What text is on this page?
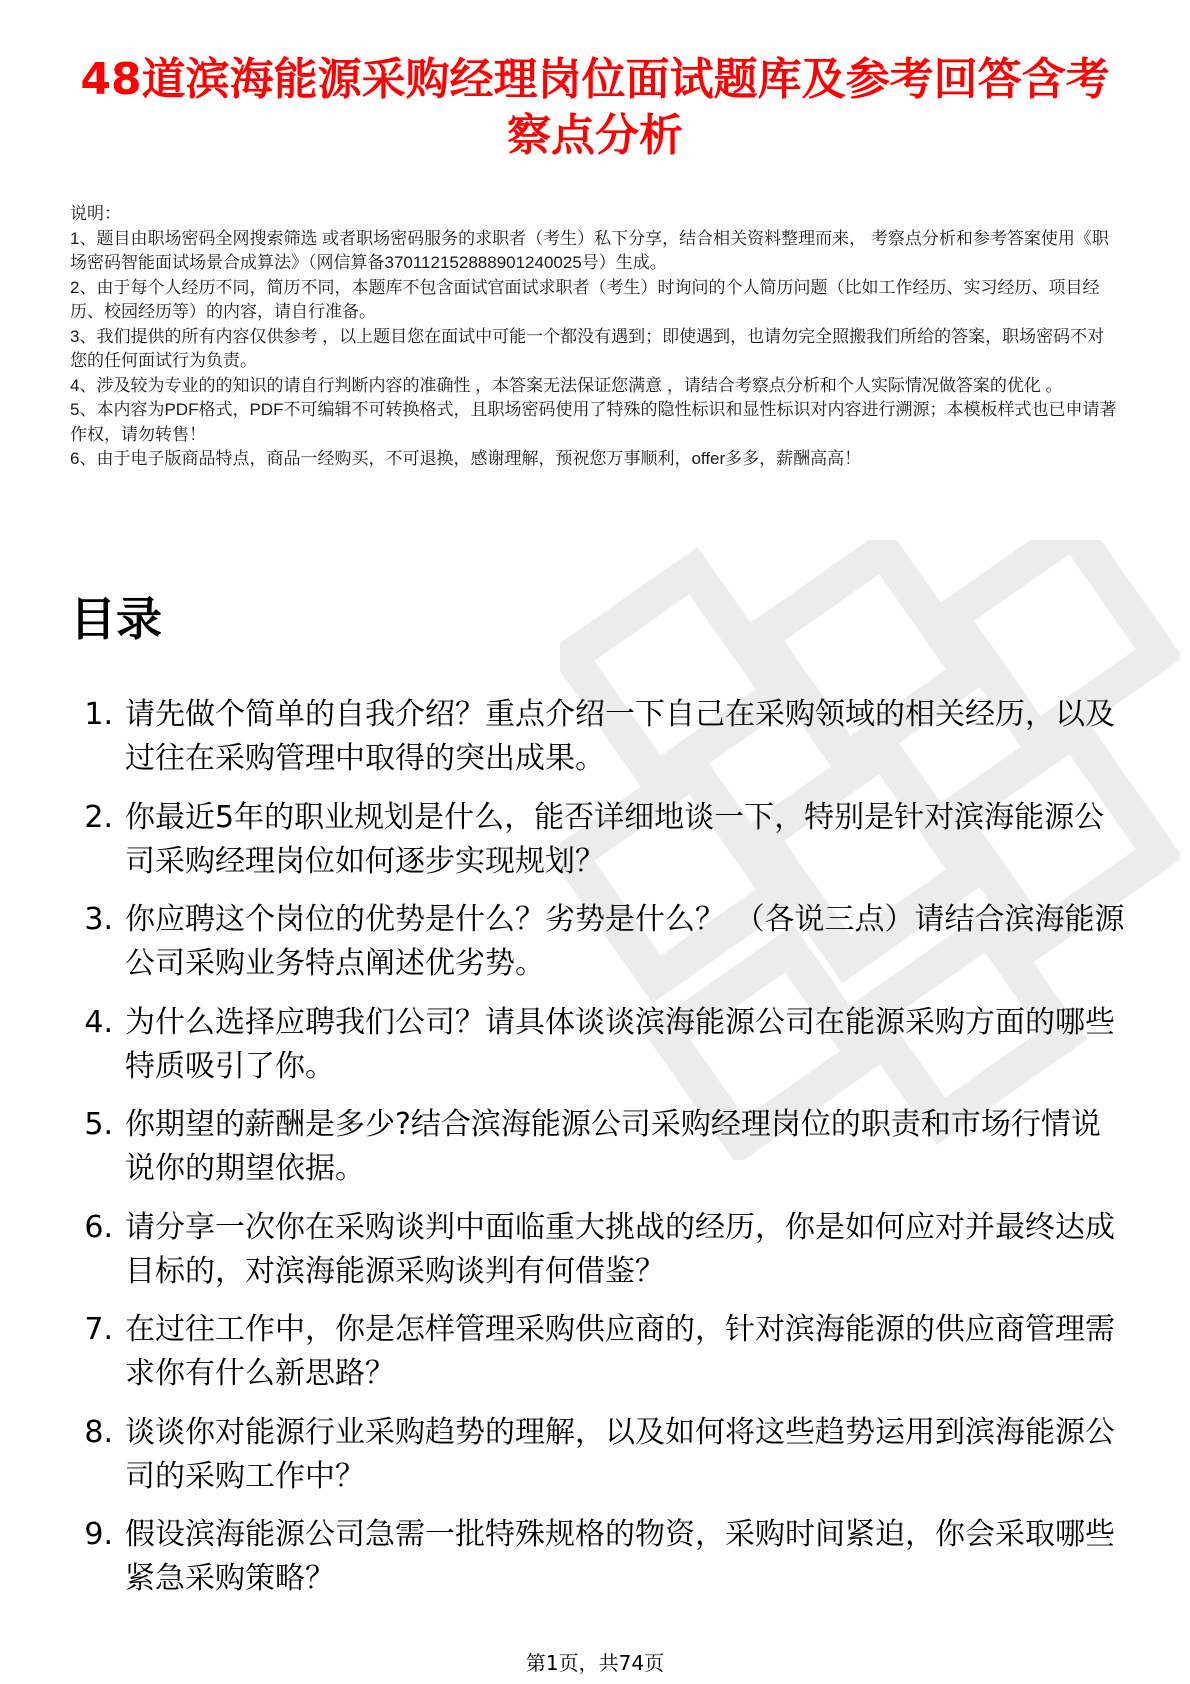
48道滨海能源采购经理岗位面试题库及参考回答含考察点分析
说明：
1、题目由职场密码全网搜索筛选 或者职场密码服务的求职者（考生）私下分享，结合相关资料整理而来， 考察点分析和参考答案使用《职场密码智能面试场景合成算法》（网信算备370112152888901240025号）生成。
2、由于每个人经历不同，简历不同，本题库不包含面试官面试求职者（考生）时询问的个人简历问题（比如工作经历、实习经历、项目经历、校园经历等）的内容，请自行准备。
3、我们提供的所有内容仅供参考 ，以上题目您在面试中可能一个都没有遇到；即使遇到，也请勿完全照搬我们所给的答案，职场密码不对您的任何面试行为负责。
4、涉及较为专业的的知识的请自行判断内容的准确性 ，本答案无法保证您满意 ，请结合考察点分析和个人实际情况做答案的优化 。
5、本内容为PDF格式，PDF不可编辑不可转换格式，且职场密码使用了特殊的隐性标识和显性标识对内容进行溯源；本模板样式也已申请著作权，请勿转售！
6、由于电子版商品特点，商品一经购买，不可退换，感谢理解，预祝您万事顺利，offer多多，薪酬高高！
目录
1. 请先做个简单的自我介绍？重点介绍一下自己在采购领域的相关经历，以及过往在采购管理中取得的突出成果。
2. 你最近5年的职业规划是什么，能否详细地谈一下，特别是针对滨海能源公司采购经理岗位如何逐步实现规划？
3. 你应聘这个岗位的优势是什么？劣势是什么？ （各说三点）请结合滨海能源公司采购业务特点阐述优劣势。
4. 为什么选择应聘我们公司？请具体谈谈滨海能源公司在能源采购方面的哪些特质吸引了你。
5. 你期望的薪酬是多少?结合滨海能源公司采购经理岗位的职责和市场行情说说你的期望依据。
6. 请分享一次你在采购谈判中面临重大挑战的经历，你是如何应对并最终达成目标的，对滨海能源采购谈判有何借鉴？
7. 在过往工作中，你是怎样管理采购供应商的，针对滨海能源的供应商管理需求你有什么新思路？
8. 谈谈你对能源行业采购趋势的理解，以及如何将这些趋势运用到滨海能源公司的采购工作中？
9. 假设滨海能源公司急需一批特殊规格的物资，采购时间紧迫，你会采取哪些紧急采购策略？
第1页，共74页
